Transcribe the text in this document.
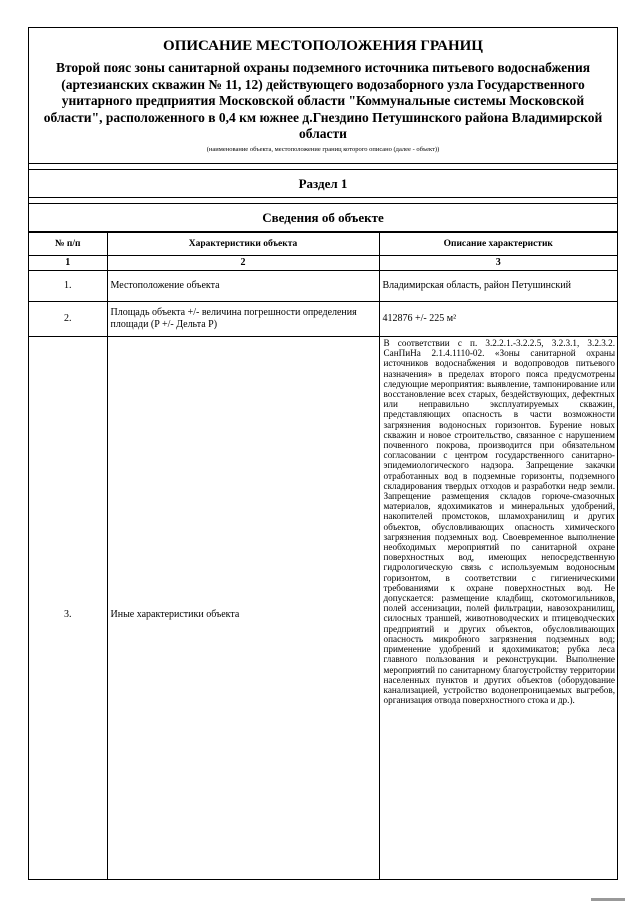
ОПИСАНИЕ МЕСТОПОЛОЖЕНИЯ ГРАНИЦ
Второй пояс зоны санитарной охраны подземного источника питьевого водоснабжения (артезианских скважин № 11, 12) действующего водозаборного узла Государственного унитарного предприятия Московской области "Коммунальные системы Московской области", расположенного в 0,4 км южнее д.Гнездино Петушинского района Владимирской области
(наименование объекта, местоположение границ которого описано (далее - объект))
Раздел 1
Сведения об объекте
№ п/п	Характеристики объекта	Описание характеристик
1	2	3
1.	Местоположение объекта	Владимирская область, район Петушинский
2.	Площадь объекта +/- величина погрешности определения площади (P +/- Дельта P)	412876 +/- 225 м²
3.	Иные характеристики объекта	В соответствии с п. 3.2.2.1.-3.2.2.5, 3.2.3.1, 3.2.3.2. СанПиНа 2.1.4.1110-02. «Зоны санитарной охраны источников водоснабжения и водопроводов питьевого назначения» в пределах второго пояса предусмотрены следующие мероприятия: выявление, тампонирование или восстановление всех старых, бездействующих, дефектных или неправильно эксплуатируемых скважин, представляющих опасность в части возможности загрязнения водоносных горизонтов. Бурение новых скважин и новое строительство, связанное с нарушением почвенного покрова, производится при обязательном согласовании с центром государственного санитарно-эпидемиологического надзора. Запрещение закачки отработанных вод в подземные горизонты, подземного складирования твердых отходов и разработки недр земли. Запрещение размещения складов горюче-смазочных материалов, ядохимикатов и минеральных удобрений, накопителей промстоков, шламохранилищ и других объектов, обусловливающих опасность химического загрязнения подземных вод. Своевременное выполнение необходимых мероприятий по санитарной охране поверхностных вод, имеющих непосредственную гидрологическую связь с используемым водоносным горизонтом, в соответствии с гигиеническими требованиями к охране поверхностных вод. Не допускается: размещение кладбищ, скотомогильников, полей ассенизации, полей фильтрации, навозохранилищ, силосных траншей, животноводческих и птицеводческих предприятий и других объектов, обусловливающих опасность микробного загрязнения подземных вод; применение удобрений и ядохимикатов; рубка леса главного пользования и реконструкции. Выполнение мероприятий по санитарному благоустройству территории населенных пунктов и других объектов (оборудование канализацией, устройство водонепроницаемых выгребов, организация отвода поверхностного стока и др.).
